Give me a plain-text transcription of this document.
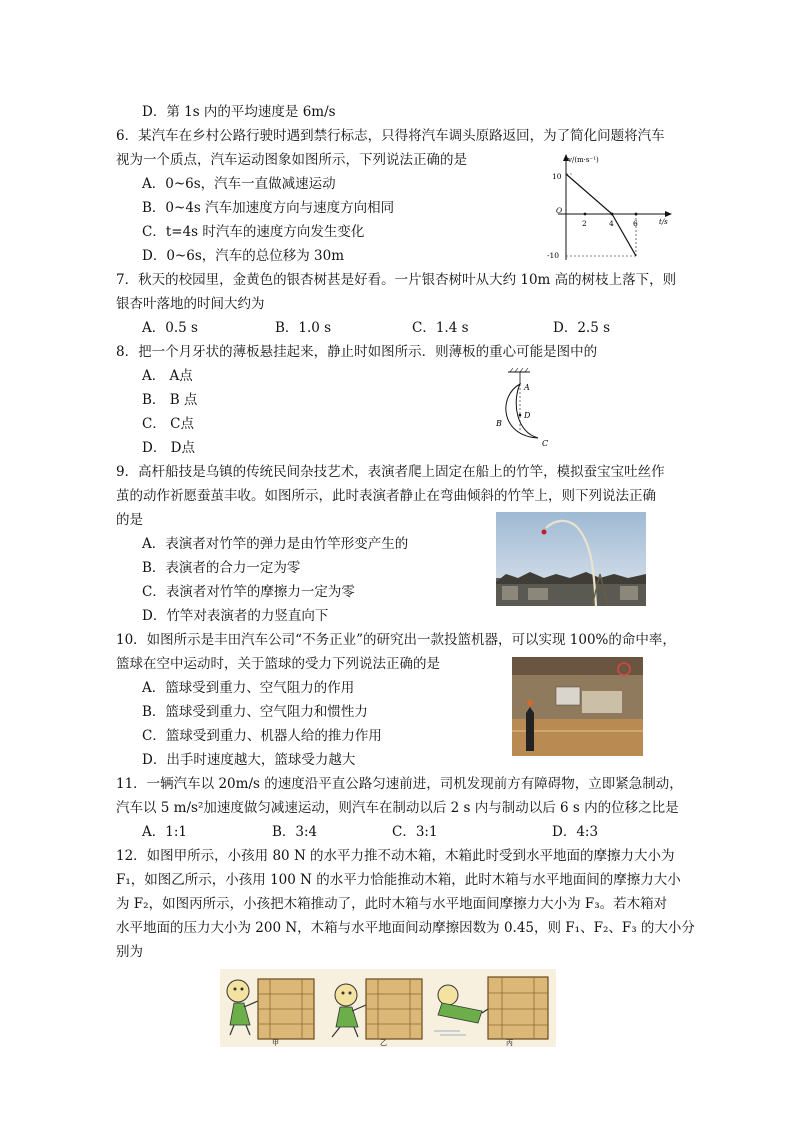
D．第 1s 内的平均速度是 6m/s
6．某汽车在乡村公路行驶时遇到禁行标志，只得将汽车调头原路返回，为了简化问题将汽车
视为一个质点，汽车运动图象如图所示，下列说法正确的是
A．0~6s，汽车一直做减速运动
B．0~4s 汽车加速度方向与速度方向相同
C．t=4s 时汽车的速度方向发生变化
D．0~6s，汽车的总位移为 30m
v/(m·s⁻¹)
t/s
10
-10
O
2	4	6
7．秋天的校园里，金黄色的银杏树甚是好看。一片银杏树叶从大约 10m 高的树枝上落下，则
银杏叶落地的时间大约为
A．0.5 s	B．1.0 s	C．1.4 s	D．2.5 s
8．把一个月牙状的薄板悬挂起来，静止时如图所示．则薄板的重心可能是图中的
A． A点
B． B 点
C． C点
D． D点
A
B
C
D
9．高杆船技是乌镇的传统民间杂技艺术，表演者爬上固定在船上的竹竿，模拟蚕宝宝吐丝作
茧的动作祈愿蚕茧丰收。如图所示，此时表演者静止在弯曲倾斜的竹竿上，则下列说法正确
的是
A．表演者对竹竿的弹力是由竹竿形变产生的
B．表演者的合力一定为零
C．表演者对竹竿的摩擦力一定为零
D．竹竿对表演者的力竖直向下
10．如图所示是丰田汽车公司“不务正业”的研究出一款投篮机器，可以实现 100%的命中率，
篮球在空中运动时，关于篮球的受力下列说法正确的是
A．篮球受到重力、空气阻力的作用
B．篮球受到重力、空气阻力和惯性力
C．篮球受到重力、机器人给的推力作用
D．出手时速度越大，篮球受力越大
11．一辆汽车以 20m/s 的速度沿平直公路匀速前进，司机发现前方有障碍物，立即紧急制动，
汽车以 5 m/s²加速度做匀减速运动，则汽车在制动以后 2 s 内与制动以后 6 s 内的位移之比是
A．1:1	B．3:4	C．3:1	D．4:3
12．如图甲所示，小孩用 80 N 的水平力推不动木箱，木箱此时受到水平地面的摩擦力大小为
F₁，如图乙所示，小孩用 100 N 的水平力恰能推动木箱，此时木箱与水平地面间的摩擦力大小
为 F₂，如图丙所示，小孩把木箱推动了，此时木箱与水平地面间摩擦力大小为 F₃。若木箱对
水平地面的压力大小为 200 N，木箱与水平地面间动摩擦因数为 0.45，则 F₁、F₂、F₃ 的大小分
别为
甲	乙	丙
